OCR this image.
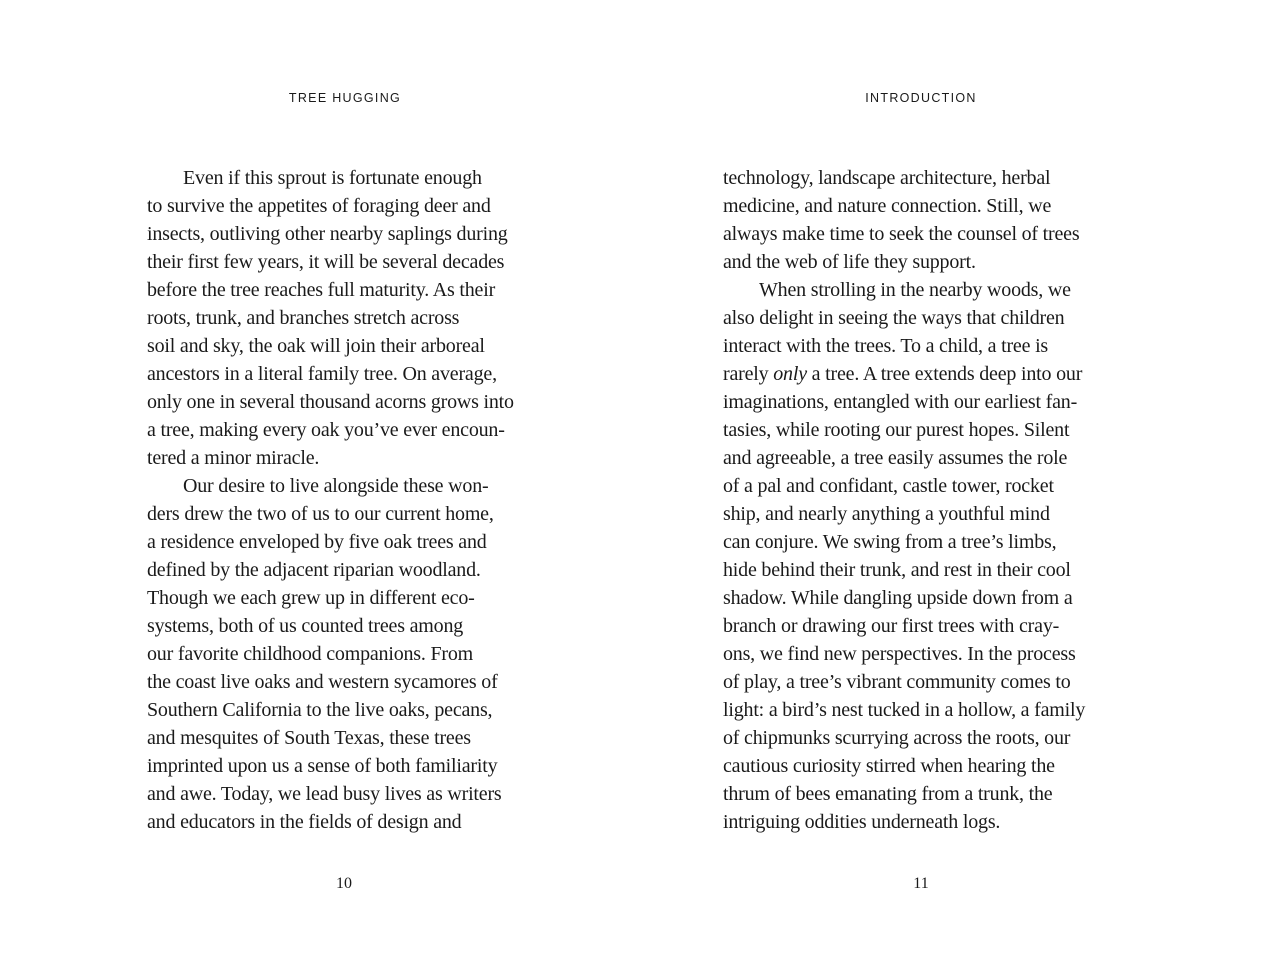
TREE HUGGING
Even if this sprout is fortunate enough
to survive the appetites of foraging deer and
insects, outliving other nearby saplings during
their first few years, it will be several decades
before the tree reaches full maturity. As their
roots, trunk, and branches stretch across
soil and sky, the oak will join their arboreal
ancestors in a literal family tree. On average,
only one in several thousand acorns grows into
a tree, making every oak you’ve ever encoun-
tered a minor miracle.
Our desire to live alongside these won-
ders drew the two of us to our current home,
a residence enveloped by five oak trees and
defined by the adjacent riparian woodland.
Though we each grew up in different eco-
systems, both of us counted trees among
our favorite childhood companions. From
the coast live oaks and western sycamores of
Southern California to the live oaks, pecans,
and mesquites of South Texas, these trees
imprinted upon us a sense of both familiarity
and awe. Today, we lead busy lives as writers
and educators in the fields of design and
10
INTRODUCTION
technology, landscape architecture, herbal
medicine, and nature connection. Still, we
always make time to seek the counsel of trees
and the web of life they support.
When strolling in the nearby woods, we
also delight in seeing the ways that children
interact with the trees. To a child, a tree is
rarely only a tree. A tree extends deep into our
imaginations, entangled with our earliest fan-
tasies, while rooting our purest hopes. Silent
and agreeable, a tree easily assumes the role
of a pal and confidant, castle tower, rocket
ship, and nearly anything a youthful mind
can conjure. We swing from a tree’s limbs,
hide behind their trunk, and rest in their cool
shadow. While dangling upside down from a
branch or drawing our first trees with cray-
ons, we find new perspectives. In the process
of play, a tree’s vibrant community comes to
light: a bird’s nest tucked in a hollow, a family
of chipmunks scurrying across the roots, our
cautious curiosity stirred when hearing the
thrum of bees emanating from a trunk, the
intriguing oddities underneath logs.
11
